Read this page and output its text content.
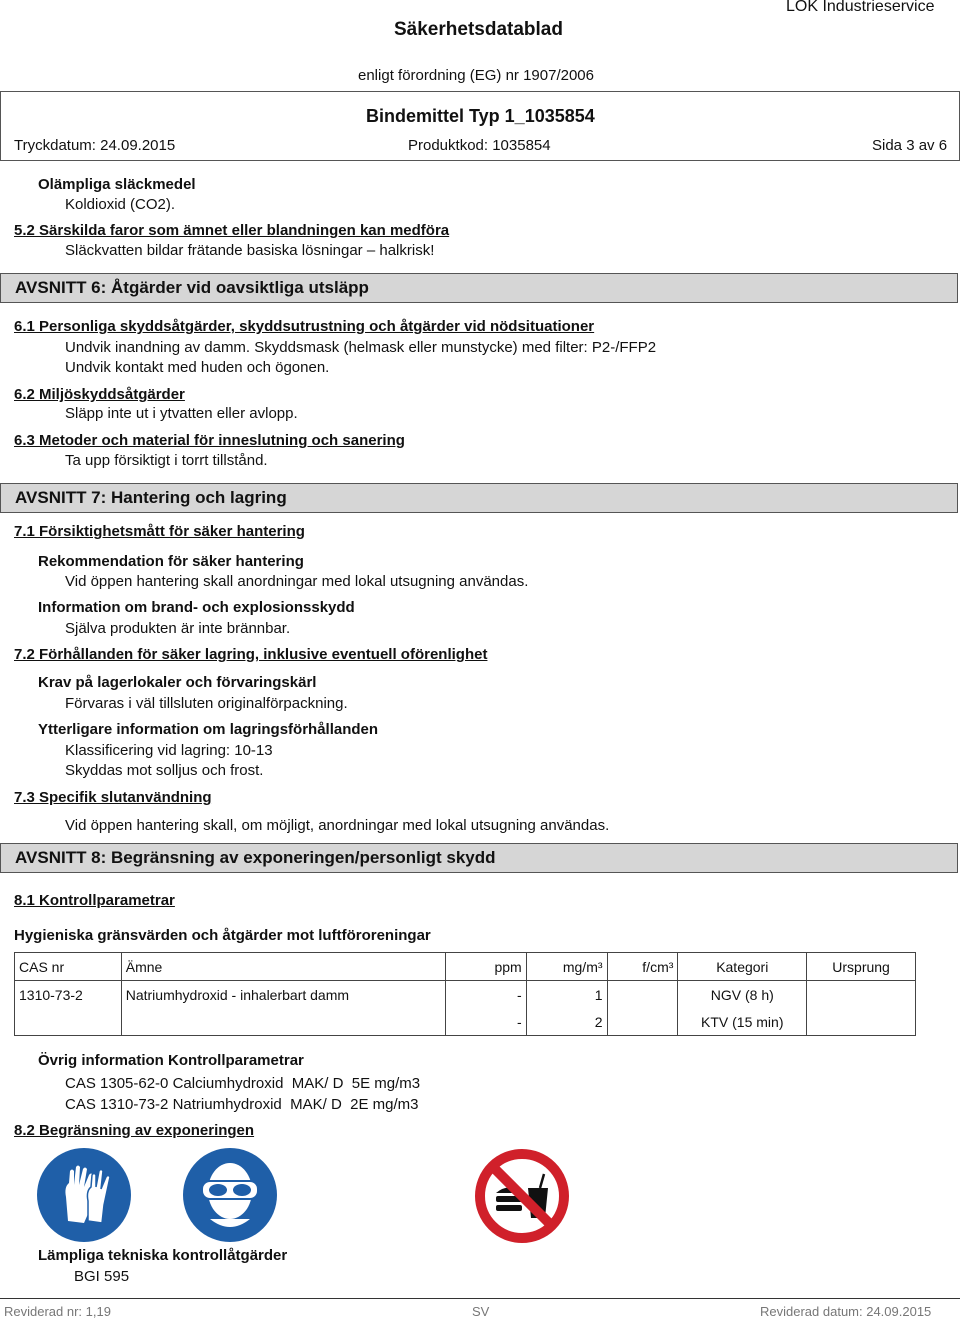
Säkerhetsdatablad
LOK Industrieservice
enligt förordning (EG) nr 1907/2006
Bindemittel Typ 1_1035854
Tryckdatum: 24.09.2015	Produktkod: 1035854	Sida 3 av 6
Olämpliga släckmedel
Koldioxid (CO2).
5.2 Särskilda faror som ämnet eller blandningen kan medföra
Släckvatten bildar frätande basiska lösningar – halkrisk!
AVSNITT 6: Åtgärder vid oavsiktliga utsläpp
6.1 Personliga skyddsåtgärder, skyddsutrustning och åtgärder vid nödsituationer
Undvik inandning av damm. Skyddsmask (helmask eller munstycke) med filter: P2-/FFP2
Undvik kontakt med huden och ögonen.
6.2 Miljöskyddsåtgärder
Släpp inte ut i ytvatten eller avlopp.
6.3 Metoder och material för inneslutning och sanering
Ta upp försiktigt i torrt tillstånd.
AVSNITT 7: Hantering och lagring
7.1 Försiktighetsmått för säker hantering
Rekommendation för säker hantering
Vid öppen hantering skall anordningar med lokal utsugning användas.
Information om brand- och explosionsskydd
Själva produkten är inte brännbar.
7.2 Förhållanden för säker lagring, inklusive eventuell oförenlighet
Krav på lagerlokaler och förvaringskärl
Förvaras i väl tillsluten originalförpackning.
Ytterligare information om lagringsförhållanden
Klassificering vid lagring: 10-13
Skyddas mot solljus och frost.
7.3 Specifik slutanvändning
Vid öppen hantering skall, om möjligt, anordningar med lokal utsugning användas.
AVSNITT 8: Begränsning av exponeringen/personligt skydd
8.1 Kontrollparametrar
Hygieniska gränsvärden och åtgärder mot luftföroreningar
CAS nr	Ämne	ppm	mg/m³	f/cm³	Kategori	Ursprung
1310-73-2	Natriumhydroxid - inhalerbart damm	-	1		NGV (8 h)	
		-	2		KTV (15 min)	
Övrig information Kontrollparametrar
CAS 1305-62-0 Calciumhydroxid  MAK/ D  5E mg/m3
CAS 1310-73-2 Natriumhydroxid  MAK/ D  2E mg/m3
8.2 Begränsning av exponeringen
Lämpliga tekniska kontrollåtgärder
BGI 595
Reviderad nr: 1,19	SV	Reviderad datum: 24.09.2015
